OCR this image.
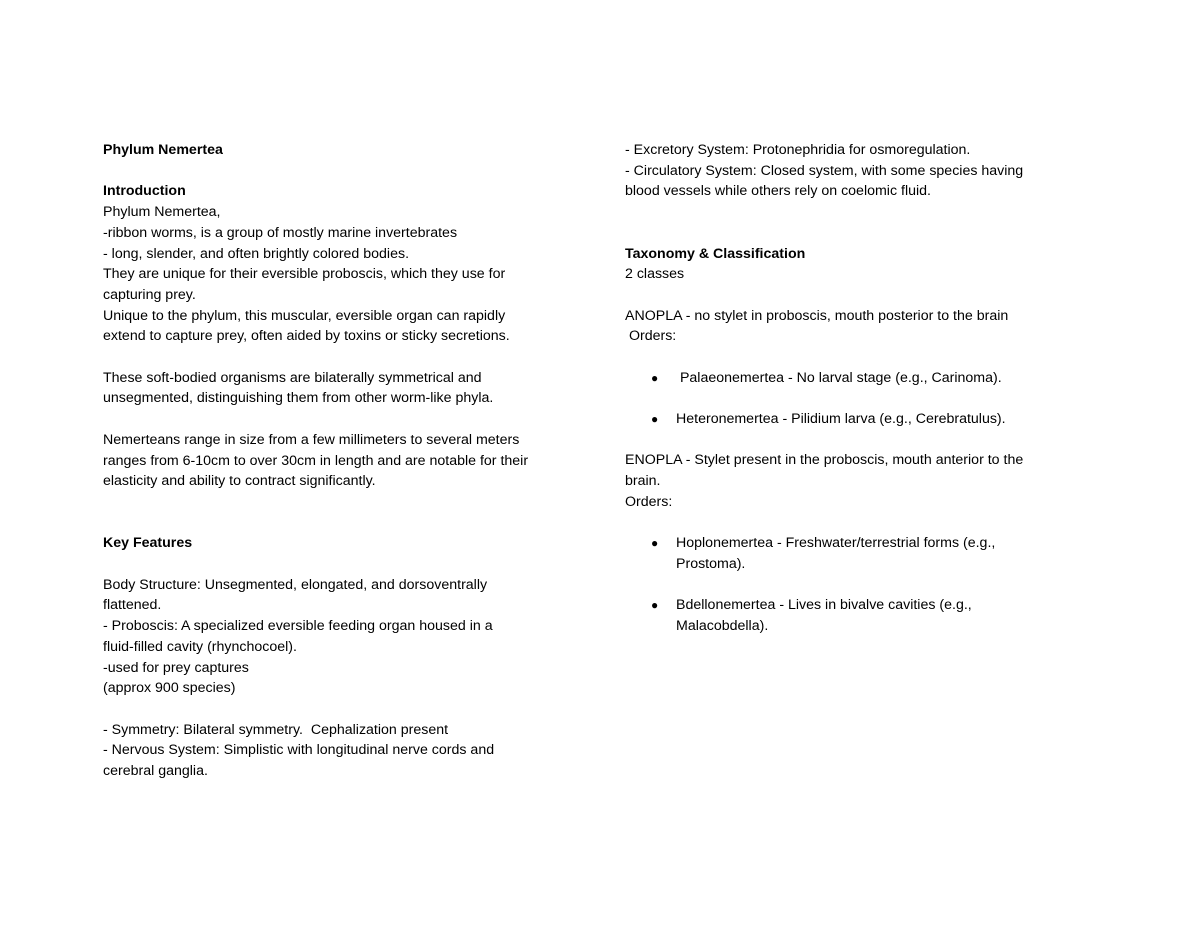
Phylum Nemertea
Introduction
Phylum Nemertea,
-ribbon worms, is a group of mostly marine invertebrates
- long, slender, and often brightly colored bodies.
They are unique for their eversible proboscis, which they use for
capturing prey.
Unique to the phylum, this muscular, eversible organ can rapidly
extend to capture prey, often aided by toxins or sticky secretions.
These soft-bodied organisms are bilaterally symmetrical and
unsegmented, distinguishing them from other worm-like phyla.
Nemerteans range in size from a few millimeters to several meters
ranges from 6-10cm to over 30cm in length and are notable for their
elasticity and ability to contract significantly.
Key Features
Body Structure: Unsegmented, elongated, and dorsoventrally
flattened.
- Proboscis: A specialized eversible feeding organ housed in a
fluid-filled cavity (rhynchocoel).
-used for prey captures
(approx 900 species)
- Symmetry: Bilateral symmetry.  Cephalization present
- Nervous System: Simplistic with longitudinal nerve cords and
cerebral ganglia.
- Excretory System: Protonephridia for osmoregulation.
- Circulatory System: Closed system, with some species having
blood vessels while others rely on coelomic fluid.
Taxonomy & Classification
2 classes
ANOPLA - no stylet in proboscis, mouth posterior to the brain
Orders:
● Palaeonemertea - No larval stage (e.g., Carinoma).
● Heteronemertea - Pilidium larva (e.g., Cerebratulus).
ENOPLA - Stylet present in the proboscis, mouth anterior to the
brain.
Orders:
● Hoplonemertea - Freshwater/terrestrial forms (e.g.,
Prostoma).
● Bdellonemertea - Lives in bivalve cavities (e.g.,
Malacobdella).
